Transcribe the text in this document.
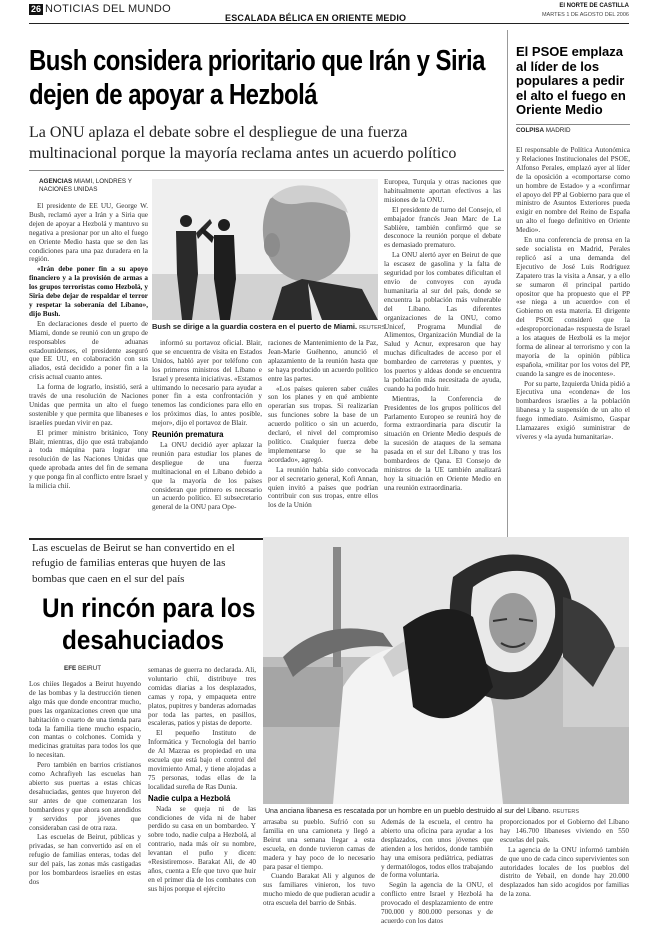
26 NOTICIAS DEL MUNDO
ESCALADA BÉLICA EN ORIENTE MEDIO
El NORTE DE CASTILLA
MARTES 1 DE AGOSTO DEL 2006
Bush considera prioritario que Irán y Siria dejen de apoyar a Hezbolá
La ONU aplaza el debate sobre el despliegue de una fuerza
multinacional porque la mayoría reclama antes un acuerdo político
AGENCIAS MIAMI, LONDRES Y NACIONES UNIDAS

El presidente de EE UU, George W. Bush, reclamó ayer a Irán y a Siria que dejen de apoyar a Hezbolá y mantuvo su negativa a presionar por un alto el fuego en Oriente Medio hasta que se den las condiciones para una paz duradera en la región.

«Irán debe poner fin a su apoyo financiero y a la provisión de armas a los grupos terroristas como Hezbolá, y Siria debe dejar de respaldar el terror y respetar la soberanía del Líbano», dijo Bush.

En declaraciones desde el puerto de Miami, donde se reunió con un grupo de responsables de aduanas estadounidenses, el presidente aseguró que EE UU, en colaboración con sus aliados, está decidido a poner fin a la crisis actual cuanto antes.

La forma de lograrlo, insistió, será a través de una resolución de Naciones Unidas que permita un alto el fuego sostenible y que permita que libaneses e israelíes puedan vivir en paz.

El primer ministro británico, Tony Blair, mientras, dijo que está trabajando a toda máquina para lograr una resolución de las Naciones Unidas que quede aprobada antes del fin de semana y que ponga fin al conflicto entre Israel y la milicia chií.

Bush se dirige a la guardia costera en el puerto de Miami. REUTERS

informó su portavoz oficial. Blair, que se encuentra de visita en Estados Unidos, habló ayer por teléfono con los primeros ministros del Líbano e Israel y presenta iniciativas. «Estamos ultimando lo necesario para ayudar a poner fin a esta confrontación y tenemos las condiciones para ello en los próximos días, lo antes posible, mejor», dijo el portavoz de Blair.

Reunión prematura

La ONU decidió ayer aplazar la reunión para estudiar los planes de despliegue de una fuerza multinacional en el Líbano debido a que la mayoría de los países consideran que primero es necesario un acuerdo político. El subsecretario general de la ONU para Ope-

raciones de Mantenimiento de la Paz, Jean-Marie Guéhenno, anunció el aplazamiento de la reunión hasta que se haya producido un acuerdo político entre las partes.

«Los países quieren saber cuáles son los planes y en qué ambiente operarían sus tropas. Si realizarían sus funciones sobre la base de un acuerdo político o sin un acuerdo, declaró, el nivel del compromiso político. Cualquier fuerza debe implementarse lo que se ha acordado», agregó.

La reunión había sido convocada por el secretario general, Kofi Annan, quien invitó a países que podrían contribuir con sus tropas, entre ellos los de la Unión

Europea, Turquía y otras naciones que habitualmente aportan efectivos a las misiones de la ONU.

El presidente de turno del Consejo, el embajador francés Jean Marc de La Sablière, también confirmó que se desconoce la reunión porque el debate es demasiado prematuro.

La ONU alertó ayer en Beirut de que la escasez de gasolina y la falta de seguridad por los combates dificultan el envío de convoyes con ayuda humanitaria al sur del país, donde se encuentra la población más vulnerable del Líbano. Las diferentes organizaciones de la ONU, como Unicef, Programa Mundial de Alimentos, Organización Mundial de la Salud y Acnur, expresaron que hay muchas dificultades de acceso por el bombardeo de carreteras y puentes, y los puertos y aldeas donde se encuentra la población más necesitada de ayuda, cuando ha podido huir.

Mientras, la Conferencia de Presidentes de los grupos políticos del Parlamento Europeo se reunirá hoy de forma extraordinaria para discutir la situación en Oriente Medio después de la sucesión de ataques de la semana pasada en el sur del Líbano y tras los bombardeos de Qana. El Consejo de ministros de la UE también analizará hoy la situación en Oriente Medio en una reunión extraordinaria.

El PSOE emplaza al líder de los populares a pedir el alto el fuego en Oriente Medio
COLPISA MADRID

El responsable de Política Autonómica y Relaciones Institucionales del PSOE, Alfonso Perales, emplazó ayer al líder de la oposición a «comportarse como un hombre de Estado» y a «confirmar el apoyo del PP al Gobierno para que el ministro de Asuntos Exteriores pueda exigir en nombre del Reino de España un alto el fuego definitivo en Oriente Medio».

En una conferencia de prensa en la sede socialista en Madrid, Perales replicó así a una demanda del Ejecutivo de José Luis Rodríguez Zapatero tras la visita a Ansar, y a ello se sumaron él principal partido opositor que ha propuesto que el PP «se niega a un acuerdo» con el Gobierno en esta materia. El dirigente del PSOE consideró que la «desproporcionada» respuesta de Israel a los ataques de Hezbolá es la mejor forma de alinear al terrorismo y con la mayoría de la opinión pública española, «militar por los votos del PP, cuando la sangre es de inocentes».

Por su parte, Izquierda Unida pidió a Ejecutiva una «condena» de los bombardeos israelíes a la población libanesa y la suspensión de un alto el fuego inmediato. Asimismo, Gaspar Llamazares exigió suministrar de víveres y «la ayuda humanitaria».

Las escuelas de Beirut se han convertido en el
refugio de familias enteras que huyen de las
bombas que caen en el sur del país
Un rincón para los
desahuciados
EFE BEIRUT

Los chiíes llegados a Beirut huyendo de las bombas y la destrucción tienen algo más que donde encontrar mucho, pues las organizaciones creen que una habitación o cuarto de una tienda para toda la familia tiene mucho espacio, con mantas o colchones. Comida y medicinas gratuitas para todos los que lo necesitan.

Pero también en barrios cristianos como Achrafiyeh las escuelas han abierto sus puertas a estas chicas desahuciadas, gentes que huyeron del sur antes de que comenzaran los bombardeos y que ahora son atendidos y servidos por jóvenes que consideraban casi de otra raza.

Las escuelas de Beirut, públicas y privadas, se han convertido así en el refugio de familias enteras, todas del sur del país, las zonas más castigadas por los bombardeos israelíes en estas dos

semanas de guerra no declarada. Ali, voluntario chií, distribuye tres comidas diarias a los desplazados, camas y ropa, y empaqueta entre platos, pupitres y banderas adornadas por toda las partes, en pasillos, escaleras, patios y pistas de deporte.

El pequeño Instituto de Informática y Tecnología del barrio de Al Mazraa es propiedad en una escuela que está bajo el control del movimiento Amal, y tiene alojadas a 75 personas, todas ellas de la localidad sureña de Ras Dunia.

Nadie culpa a Hezbolá

Nada se queja ni de las condiciones de vida ni de haber perdido su casa en un bombardeo. Y sobre todo, nadie culpa a Hezbolá, al contrario, nada más oír su nombre, levantan el puño y dicen: «Resistiremos». Barakat Ali, de 40 años, cuenta a Efe que tuvo que huir en el primer día de los combates con sus hijos porque el ejército

Una anciana libanesa es rescatada por un hombre en un pueblo destruido al sur del Líbano. REUTERS

arrasaba su pueblo. Sufrió con su familia en una camioneta y llegó a Beirut una semana llegar a esta escuela, en donde tuvieron camas de madera y hay poco de lo necesario para pasar el tiempo.

Cuando Barakat Ali y algunos de sus familiares vinieron, los tuvo mucho miedo de que pudieran acudir a otra escuela del barrio de Snbás.

Además de la escuela, el centro ha abierto una oficina para ayudar a los desplazados, con unos jóvenes que atienden a los heridos, donde también hay una emisora pediátrica, pediatras y dermatólogos, todos ellos trabajando de forma voluntaria.

Según la agencia de la ONU, el conflicto entre Israel y Hezbolá ha provocado el desplazamiento de entre 700.000 y 800.000 personas y de acuerdo con los datos

proporcionados por el Gobierno del Líbano hay 146.700 libaneses viviendo en 550 escuelas del país.

La agencia de la ONU informó también de que uno de cada cinco supervivientes son autoridades locales de los pueblos del distrito de Yebail, en donde hay 20.000 desplazados han sido acogidos por familias de la zona.
